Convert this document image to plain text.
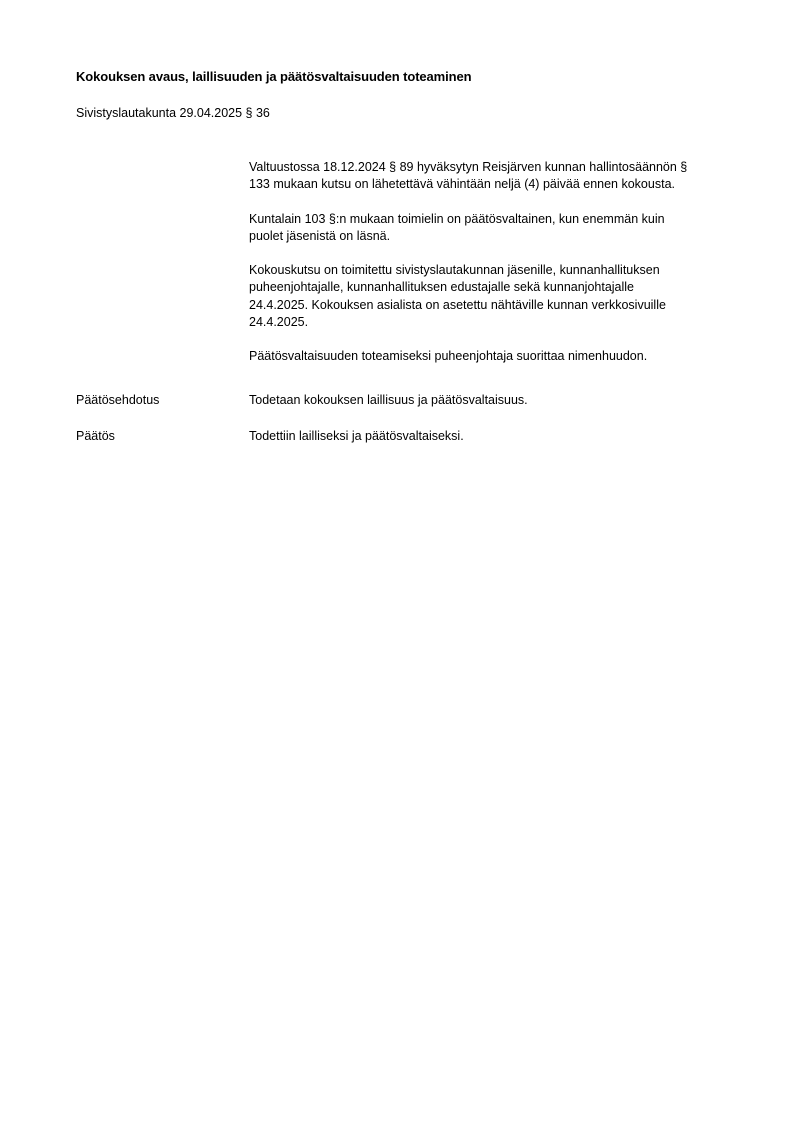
Kokouksen avaus, laillisuuden ja päätösvaltaisuuden toteaminen
Sivistyslautakunta 29.04.2025 § 36

Valtuustossa 18.12.2024 § 89 hyväksytyn Reisjärven kunnan hallintosäännön §
133 mukaan kutsu on lähetettävä vähintään neljä (4) päivää ennen kokousta.

Kuntalain 103 §:n mukaan toimielin on päätösvaltainen, kun enemmän kuin
puolet jäsenistä on läsnä.

Kokouskutsu on toimitettu sivistyslautakunnan jäsenille, kunnanhallituksen
puheenjohtajalle, kunnanhallituksen edustajalle sekä kunnanjohtajalle
24.4.2025. Kokouksen asialista on asetettu nähtäville kunnan verkkosivuille
24.4.2025.

Päätösvaltaisuuden toteamiseksi puheenjohtaja suorittaa nimenhuudon.

Päätösehdotus	Todetaan kokouksen laillisuus ja päätösvaltaisuus.
Päätös	Todettiin lailliseksi ja päätösvaltaiseksi.
